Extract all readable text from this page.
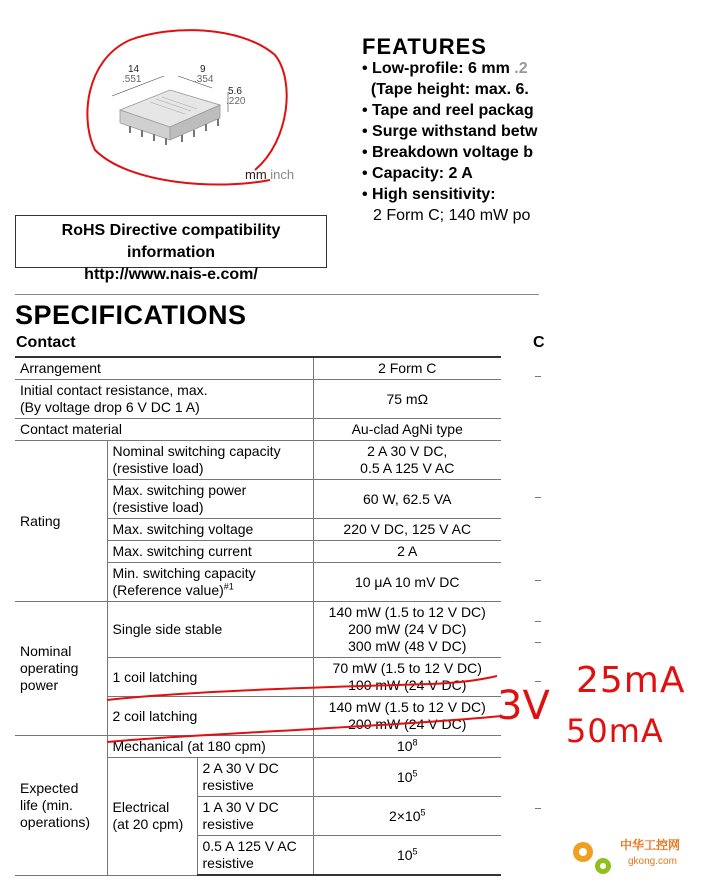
14
.551
9
.354
5.6
.220
mm inch
FEATURES
• Low-profile: 6 mm .2
(Tape height: max. 6.
• Tape and reel packag
• Surge withstand betw
• Breakdown voltage b
• Capacity: 2 A
• High sensitivity:
2 Form C; 140 mW po
RoHS Directive compatibility information
http://www.nais-e.com/
SPECIFICATIONS
Contact	C
Arrangement			2 Form C
Initial contact resistance, max.
(By voltage drop 6 V DC 1 A)			75 mΩ
Contact material			Au-clad AgNi type
Rating	Nominal switching capacity
(resistive load)		2 A 30 V DC,
0.5 A 125 V AC
	Max. switching power
(resistive load)		60 W, 62.5 VA
	Max. switching voltage		220 V DC, 125 V AC
	Max. switching current		2 A
	Min. switching capacity
(Reference value)$^{\#1}$		10 μA 10 mV DC
Nominal
operating
power	Single side stable		140 mW (1.5 to 12 V DC)
200 mW (24 V DC)
300 mW (48 V DC)
	1 coil latching		70 mW (1.5 to 12 V DC)
100 mW (24 V DC)
	2 coil latching		140 mW (1.5 to 12 V DC)
200 mW (24 V DC)
Expected
life (min.
operations)	Mechanical (at 180 cpm)		$10^8$
	Electrical
(at 20 cpm)	2 A 30 V DC
resistive	$10^5$
		1 A 30 V DC
resistive	$2\times 10^5$
		0.5 A 125 V AC
resistive	$10^5$
3V
25mA
50mA
中华工控网
gkong.com
